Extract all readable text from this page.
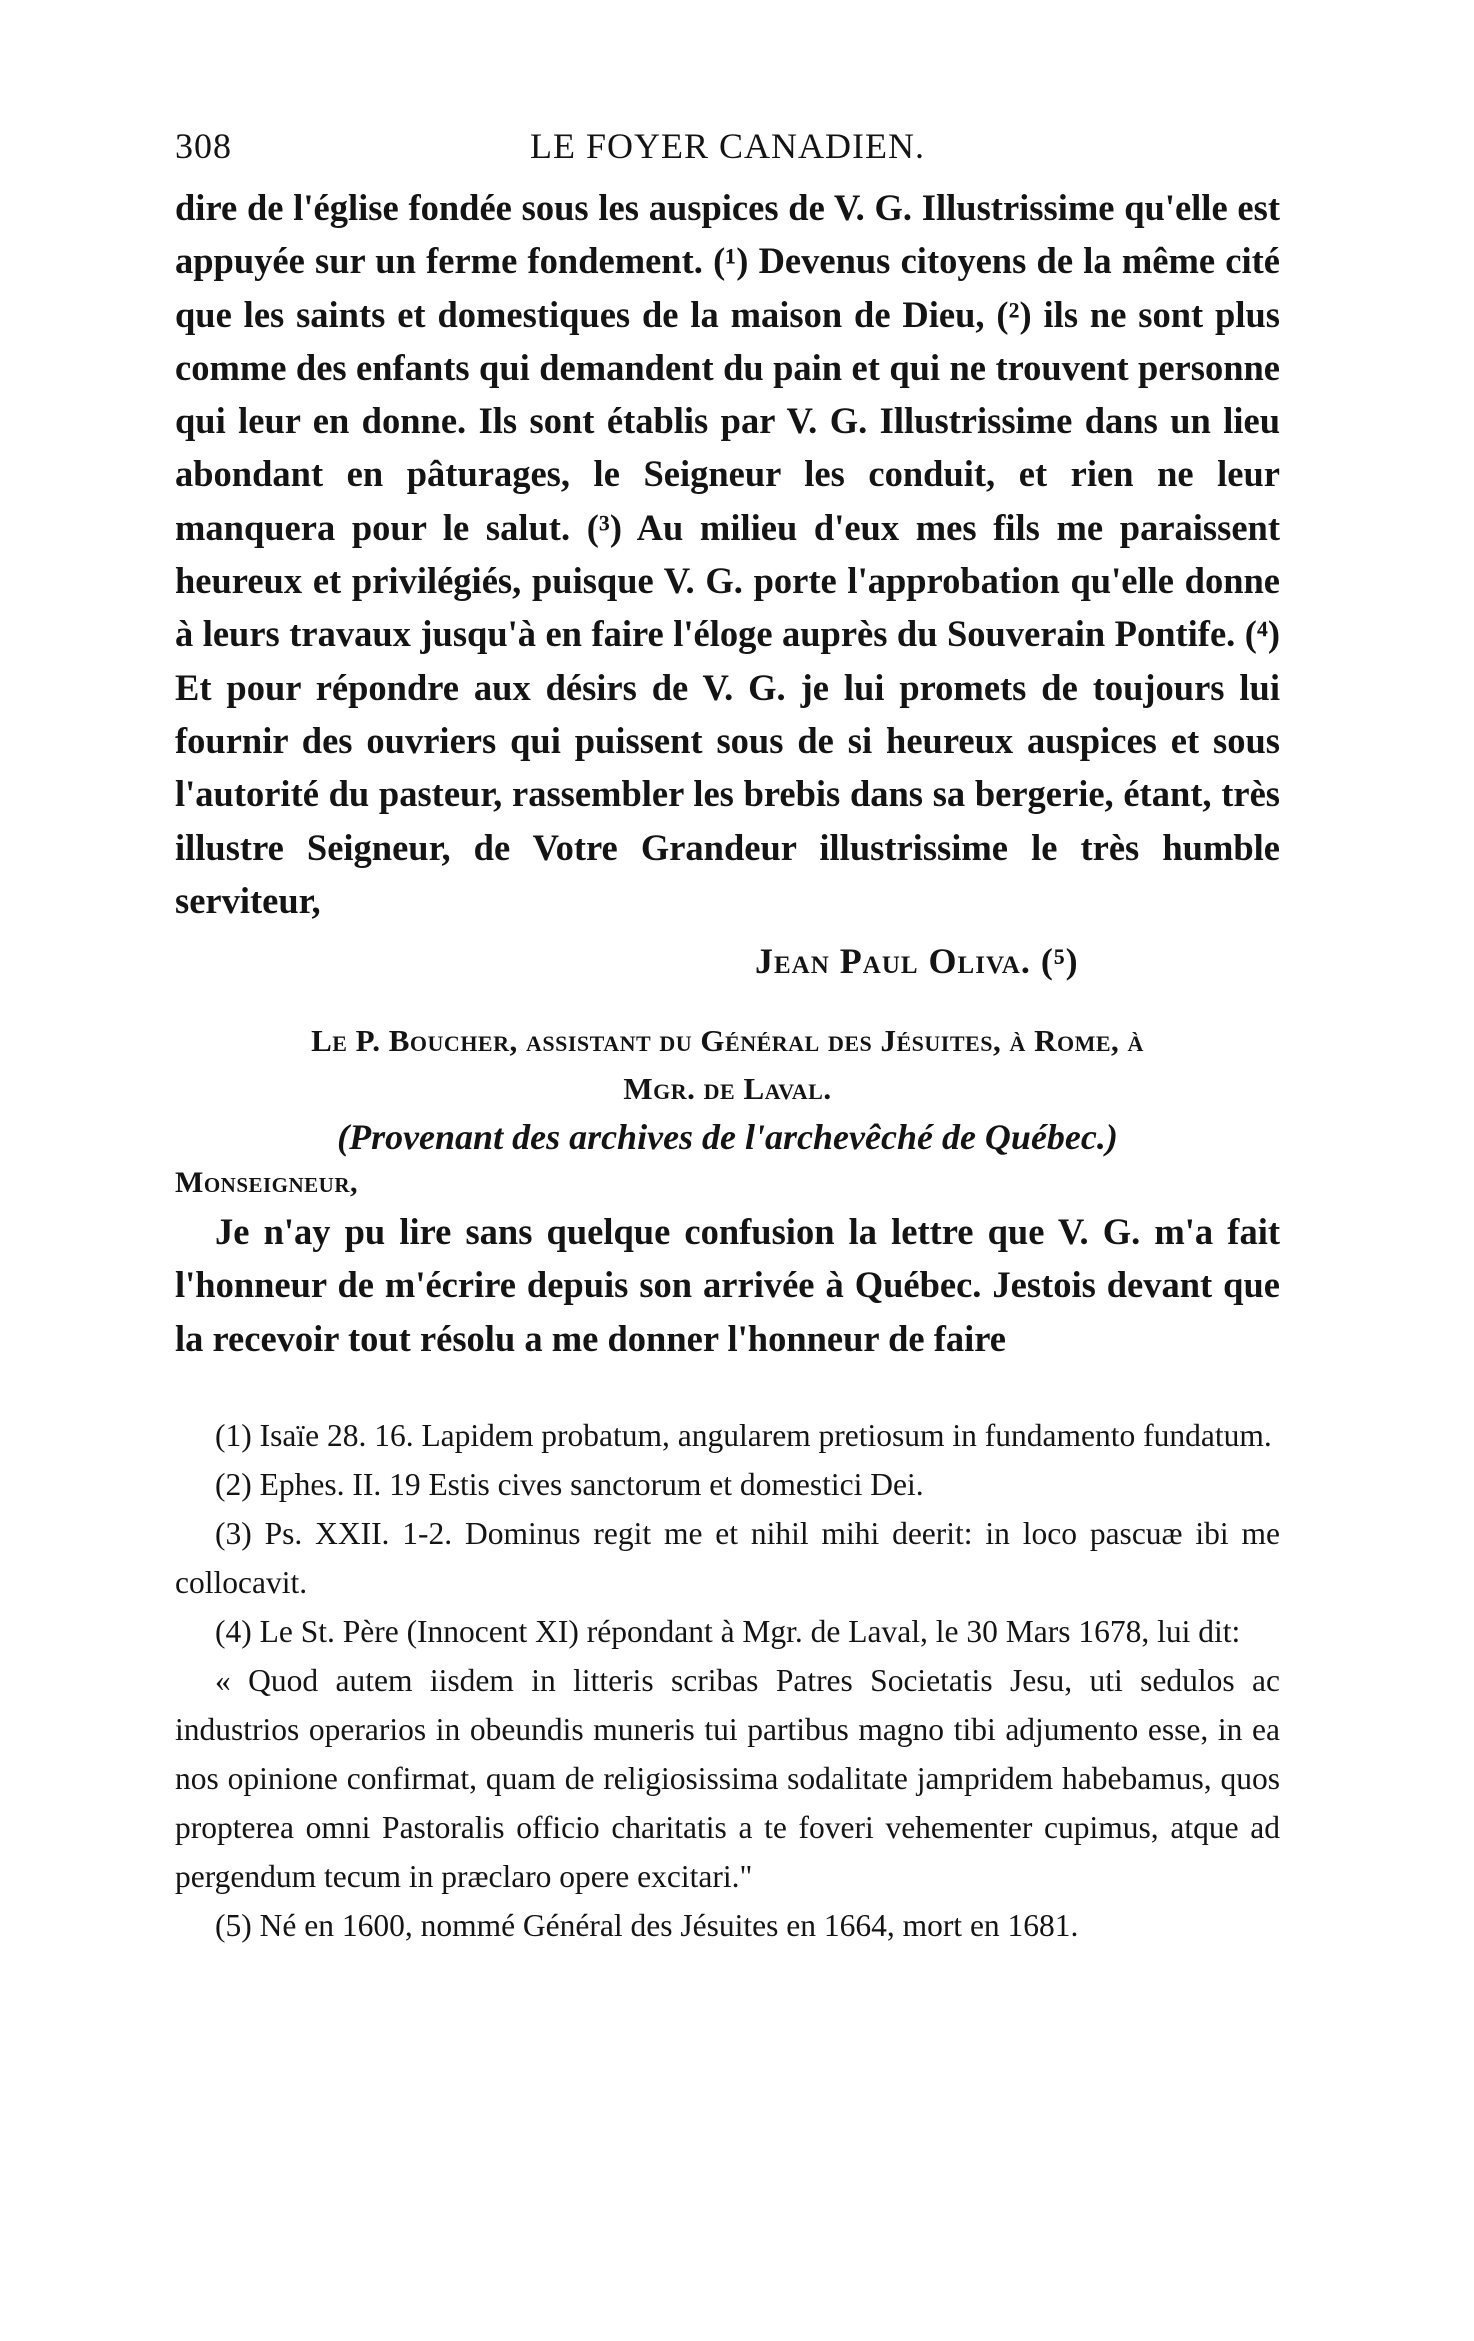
308	LE FOYER CANADIEN.

dire de l'église fondée sous les auspices de V. G. Illustrissime qu'elle est appuyée sur un ferme fondement. (¹) Devenus citoyens de la même cité que les saints et domestiques de la maison de Dieu, (²) ils ne sont plus comme des enfants qui demandent du pain et qui ne trouvent personne qui leur en donne. Ils sont établis par V. G. Illustrissime dans un lieu abondant en pâturages, le Seigneur les conduit, et rien ne leur manquera pour le salut. (³) Au milieu d'eux mes fils me paraissent heureux et privilégiés, puisque V. G. porte l'approbation qu'elle donne à leurs travaux jusqu'à en faire l'éloge auprès du Souverain Pontife. (⁴) Et pour répondre aux désirs de V. G. je lui promets de toujours lui fournir des ouvriers qui puissent sous de si heureux auspices et sous l'autorité du pasteur, rassembler les brebis dans sa bergerie, étant, très illustre Seigneur, de Votre Grandeur illustrissime le très humble serviteur,

Jean Paul Oliva. (⁵)
Le P. Boucher, assistant du Général des Jésuites, à Rome, à
Mgr. de Laval.
(Provenant des archives de l'archevêché de Québec.)
Monseigneur,

Je n'ay pu lire sans quelque confusion la lettre que V. G. m'a fait l'honneur de m'écrire depuis son arrivée à Québec. Jestois devant que la recevoir tout résolu a me donner l'honneur de faire

(1) Isaïe 28. 16. Lapidem probatum, angularem pretiosum in fundamento fundatum.

(2) Ephes. II. 19 Estis cives sanctorum et domestici Dei.

(3) Ps. XXII. 1-2. Dominus regit me et nihil mihi deerit: in loco pascuæ ibi me collocavit.

(4) Le St. Père (Innocent XI) répondant à Mgr. de Laval, le 30 Mars 1678, lui dit:

« Quod autem iisdem in litteris scribas Patres Societatis Jesu, uti sedulos ac industrios operarios in obeundis muneris tui partibus magno tibi adjumento esse, in ea nos opinione confirmat, quam de religiosissima sodalitate jampridem habebamus, quos propterea omni Pastoralis officio charitatis a te foveri vehementer cupimus, atque ad pergendum tecum in præclaro opere excitari."

(5) Né en 1600, nommé Général des Jésuites en 1664, mort en 1681.
